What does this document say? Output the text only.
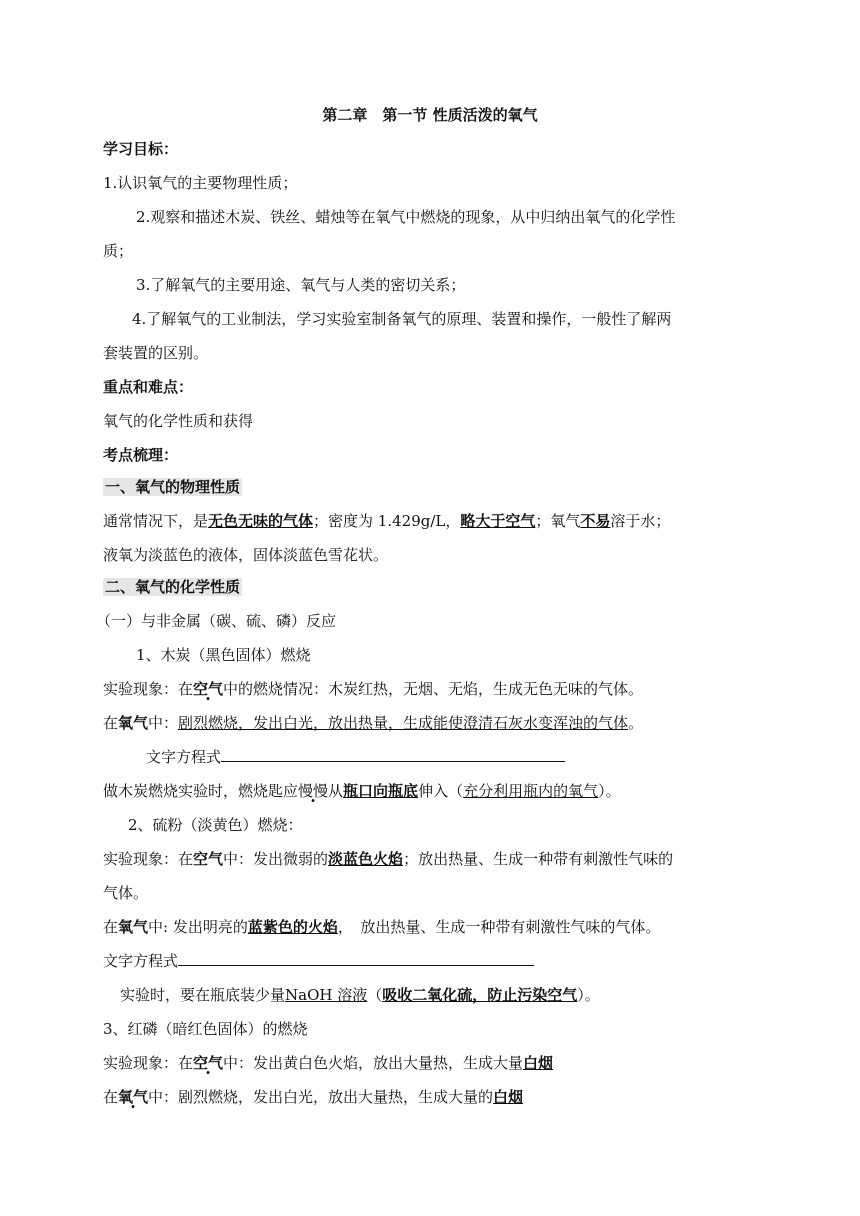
第二章　第一节 性质活泼的氧气
学习目标：
1.认识氧气的主要物理性质；
2.观察和描述木炭、铁丝、蜡烛等在氧气中燃烧的现象，从中归纳出氧气的化学性
质；
3.了解氧气的主要用途、氧气与人类的密切关系；
4.了解氧气的工业制法，学习实验室制备氧气的原理、装置和操作，一般性了解两
套装置的区别。
重点和难点：
氧气的化学性质和获得
考点梳理：
一、氧气的物理性质
通常情况下，是无色无味的气体；密度为 1.429g/L，略大于空气；氧气不易溶于水；
液氧为淡蓝色的液体，固体淡蓝色雪花状。
二、氧气的化学性质
（一）与非金属（碳、硫、磷）反应
1、木炭（黑色固体）燃烧
实验现象：在空气中的燃烧情况：木炭红热，无烟、无焰，生成无色无味的气体。
在氧气中：剧烈燃烧，发出白光，放出热量，生成能使澄清石灰水变浑浊的气体。
文字方程式
做木炭燃烧实验时，燃烧匙应慢慢从瓶口向瓶底伸入（充分利用瓶内的氧气）。
2、硫粉（淡黄色）燃烧：
实验现象：在空气中：发出微弱的淡蓝色火焰；放出热量、生成一种带有刺激性气味的
气体。
在氧气中: 发出明亮的蓝紫色的火焰，　放出热量、生成一种带有刺激性气味的气体。
文字方程式
实验时，要在瓶底装少量NaOH 溶液（吸收二氧化硫，防止污染空气）。
3、红磷（暗红色固体）的燃烧
实验现象：在空气中：发出黄白色火焰，放出大量热，生成大量白烟
在氧气中：剧烈燃烧，发出白光，放出大量热，生成大量的白烟
